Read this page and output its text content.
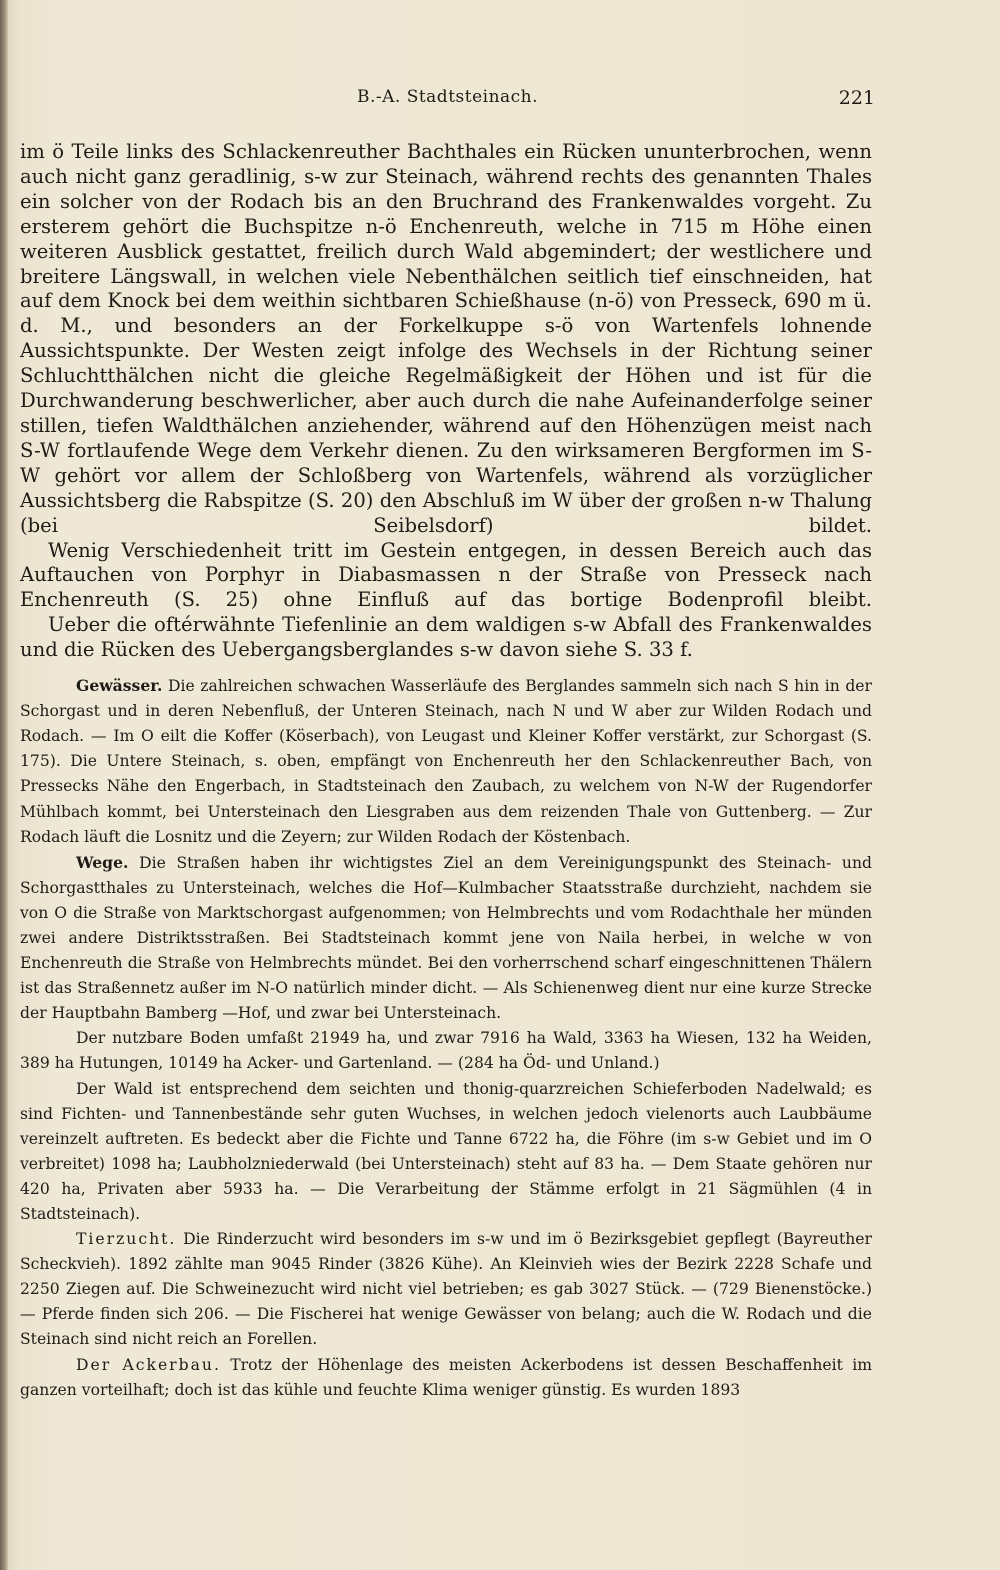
B.-A. Stadtsteinach.	221

im ö Teile links des Schlackenreuther Bachthales ein Rücken ununterbrochen, wenn auch nicht ganz geradlinig, s-w zur Steinach, während rechts des genannten Thales ein solcher von der Rodach bis an den Bruchrand des Frankenwaldes vorgeht. Zu ersterem gehört die Buchspitze n-ö Enchenreuth, welche in 715 m Höhe einen weiteren Ausblick gestattet, freilich durch Wald abgemindert; der westlichere und breitere Längswall, in welchen viele Nebenthälchen seitlich tief einschneiden, hat auf dem Knock bei dem weithin sichtbaren Schießhause (n-ö) von Presseck, 690 m ü. d. M., und besonders an der Forkelkuppe s-ö von Wartenfels lohnende Aussichtspunkte. Der Westen zeigt infolge des Wechsels in der Richtung seiner Schluchtthälchen nicht die gleiche Regelmäßigkeit der Höhen und ist für die Durchwanderung beschwerlicher, aber auch durch die nahe Aufeinanderfolge seiner stillen, tiefen Waldthälchen anziehender, während auf den Höhenzügen meist nach S-W fortlaufende Wege dem Verkehr dienen. Zu den wirksameren Bergformen im S-W gehört vor allem der Schloßberg von Wartenfels, während als vorzüglicher Aussichtsberg die Rabspitze (S. 20) den Abschluß im W über der großen n-w Thalung (bei Seibelsdorf) bildet.

Wenig Verschiedenheit tritt im Gestein entgegen, in dessen Bereich auch das Auftauchen von Porphyr in Diabasmassen n der Straße von Presseck nach Enchenreuth (S. 25) ohne Einfluß auf das bortige Bodenprofil bleibt.

Ueber die oftérwähnte Tiefenlinie an dem waldigen s-w Abfall des Frankenwaldes und die Rücken des Uebergangsberglandes s-w davon siehe S. 33 f.

Gewässer. Die zahlreichen schwachen Wasserläufe des Berglandes sammeln sich nach S hin in der Schorgast und in deren Nebenfluß, der Unteren Steinach, nach N und W aber zur Wilden Rodach und Rodach. — Im O eilt die Koffer (Köserbach), von Leugast und Kleiner Koffer verstärkt, zur Schorgast (S. 175). Die Untere Steinach, s. oben, empfängt von Enchenreuth her den Schlackenreuther Bach, von Pressecks Nähe den Engerbach, in Stadtsteinach den Zaubach, zu welchem von N-W der Rugendorfer Mühlbach kommt, bei Untersteinach den Liesgraben aus dem reizenden Thale von Guttenberg. — Zur Rodach läuft die Losnitz und die Zeyern; zur Wilden Rodach der Köstenbach.

Wege. Die Straßen haben ihr wichtigstes Ziel an dem Vereinigungspunkt des Steinach- und Schorgastthales zu Untersteinach, welches die Hof—Kulmbacher Staatsstraße durchzieht, nachdem sie von O die Straße von Marktschorgast aufgenommen; von Helmbrechts und vom Rodachthale her münden zwei andere Distriktsstraßen. Bei Stadtsteinach kommt jene von Naila herbei, in welche w von Enchenreuth die Straße von Helmbrechts mündet. Bei den vorherrschend scharf eingeschnittenen Thälern ist das Straßennetz außer im N-O natürlich minder dicht. — Als Schienenweg dient nur eine kurze Strecke der Hauptbahn Bamberg —Hof, und zwar bei Untersteinach.

Der nutzbare Boden umfaßt 21949 ha, und zwar 7916 ha Wald, 3363 ha Wiesen, 132 ha Weiden, 389 ha Hutungen, 10149 ha Acker- und Gartenland. — (284 ha Öd- und Unland.)

Der Wald ist entsprechend dem seichten und thonig-quarzreichen Schieferboden Nadelwald; es sind Fichten- und Tannenbestände sehr guten Wuchses, in welchen jedoch vielenorts auch Laubbäume vereinzelt auftreten. Es bedeckt aber die Fichte und Tanne 6722 ha, die Föhre (im s-w Gebiet und im O verbreitet) 1098 ha; Laubholzniederwald (bei Untersteinach) steht auf 83 ha. — Dem Staate gehören nur 420 ha, Privaten aber 5933 ha. — Die Verarbeitung der Stämme erfolgt in 21 Sägmühlen (4 in Stadtsteinach).

Tierzucht. Die Rinderzucht wird besonders im s-w und im ö Bezirksgebiet gepflegt (Bayreuther Scheckvieh). 1892 zählte man 9045 Rinder (3826 Kühe). An Kleinvieh wies der Bezirk 2228 Schafe und 2250 Ziegen auf. Die Schweinezucht wird nicht viel betrieben; es gab 3027 Stück. — (729 Bienenstöcke.) — Pferde finden sich 206. — Die Fischerei hat wenige Gewässer von belang; auch die W. Rodach und die Steinach sind nicht reich an Forellen.

Der Ackerbau. Trotz der Höhenlage des meisten Ackerbodens ist dessen Beschaffenheit im ganzen vorteilhaft; doch ist das kühle und feuchte Klima weniger günstig. Es wurden 1893
